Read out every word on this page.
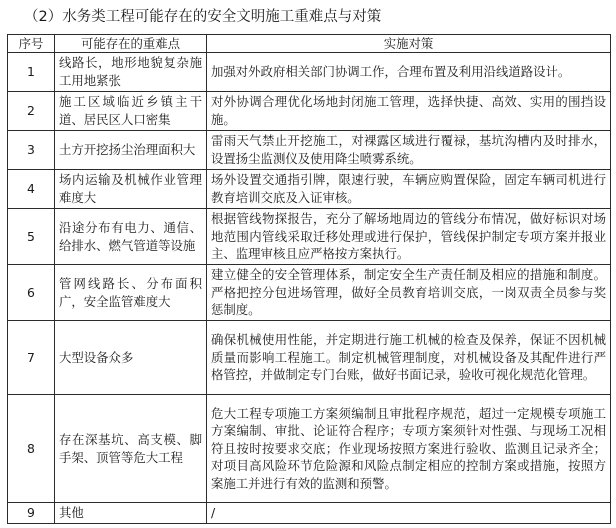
（2）水务类工程可能存在的安全文明施工重难点与对策
序号	可能存在的重难点	实施对策
1	线路长，地形地貌复杂施工用地紧张	加强对外政府相关部门协调工作，合理布置及利用沿线道路设计。
2	施工区域临近乡镇主干道、居民区人口密集	对外协调合理优化场地封闭施工管理，选择快捷、高效、实用的围挡设施。
3	土方开挖扬尘治理面积大	雷雨天气禁止开挖施工，对裸露区域进行覆禄，基坑沟槽内及时排水，设置扬尘监测仪及使用降尘喷雾系统。
4	场内运输及机械作业管理难度大	场外设置交通指引牌，限速行驶，车辆应购置保险，固定车辆司机进行教育培训交底及入证审核。
5	沿途分布有电力、通信、给排水、燃气管道等设施	根据管线物探报告，充分了解场地周边的管线分布情况，做好标识对场地范围内管线采取迁移处理或进行保护，管线保护制定专项方案并报业主、监理审核且应严格按方案执行。
6	管网线路长、分布面积广，安全监管难度大	建立健全的安全管理体系，制定安全生产责任制及相应的措施和制度。严格把控分包进场管理，做好全员教育培训交底，一岗双责全员参与奖惩制度。
7	大型设备众多	确保机械使用性能，并定期进行施工机械的检查及保养，保证不因机械质量而影响工程施工。制定机械管理制度，对机械设备及其配件进行严格管控，并做制定专门台账，做好书面记录，验收可视化规范化管理。
8	存在深基坑、高支模、脚手架、顶管等危大工程	危大工程专项施工方案须编制且审批程序规范，超过一定规模专项施工方案编制、审批、论证符合程序；专项方案须针对性强、与现场工况相符且按时按要求交底；作业现场按照方案进行验收、监测且记录齐全；对项目高风险环节危险源和风险点制定相应的控制方案或措施，按照方案施工并进行有效的监测和预警。
9	其他	/
